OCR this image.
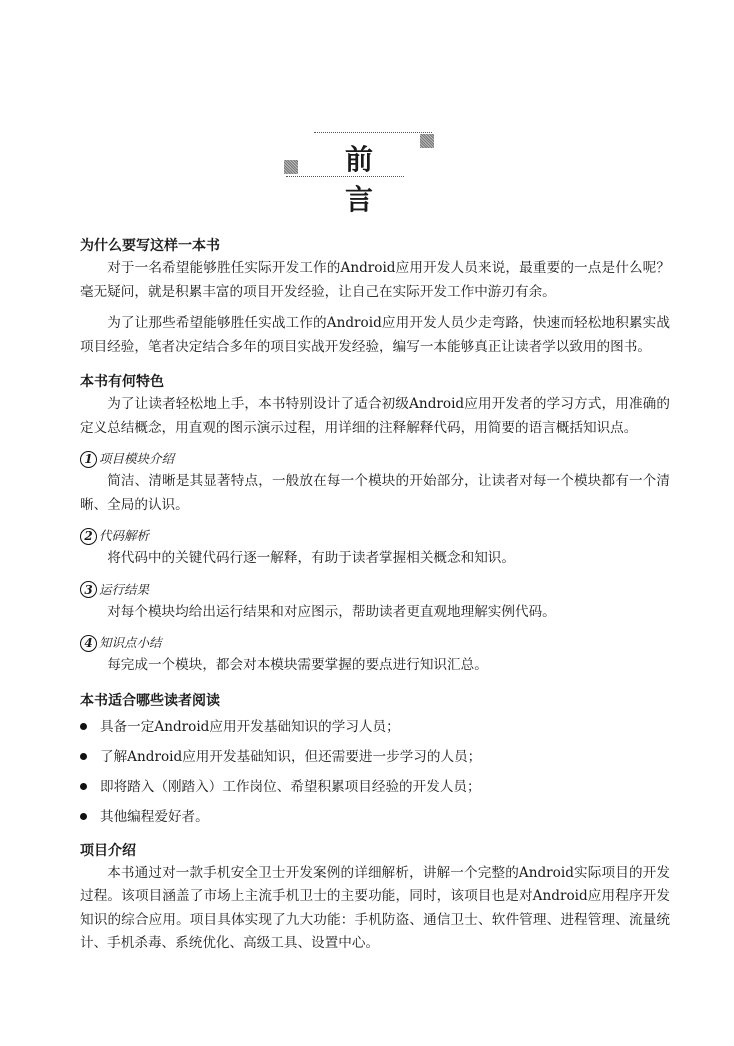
前 言
为什么要写这样一本书

对于一名希望能够胜任实际开发工作的Android应用开发人员来说，最重要的一点是什么呢？毫无疑问，就是积累丰富的项目开发经验，让自己在实际开发工作中游刃有余。

为了让那些希望能够胜任实战工作的Android应用开发人员少走弯路，快速而轻松地积累实战项目经验，笔者决定结合多年的项目实战开发经验，编写一本能够真正让读者学以致用的图书。

本书有何特色

为了让读者轻松地上手，本书特别设计了适合初级Android应用开发者的学习方式，用准确的定义总结概念，用直观的图示演示过程，用详细的注释解释代码，用简要的语言概括知识点。

1 项目模块介绍

简洁、清晰是其显著特点，一般放在每一个模块的开始部分，让读者对每一个模块都有一个清晰、全局的认识。

2 代码解析

将代码中的关键代码行逐一解释，有助于读者掌握相关概念和知识。

3 运行结果

对每个模块均给出运行结果和对应图示，帮助读者更直观地理解实例代码。

4 知识点小结

每完成一个模块，都会对本模块需要掌握的要点进行知识汇总。

本书适合哪些读者阅读
具备一定Android应用开发基础知识的学习人员；
了解Android应用开发基础知识，但还需要进一步学习的人员；
即将踏入（刚踏入）工作岗位、希望积累项目经验的开发人员；
其他编程爱好者。
项目介绍

本书通过对一款手机安全卫士开发案例的详细解析，讲解一个完整的Android实际项目的开发过程。该项目涵盖了市场上主流手机卫士的主要功能，同时，该项目也是对Android应用程序开发知识的综合应用。项目具体实现了九大功能：手机防盗、通信卫士、软件管理、进程管理、流量统计、手机杀毒、系统优化、高级工具、设置中心。
